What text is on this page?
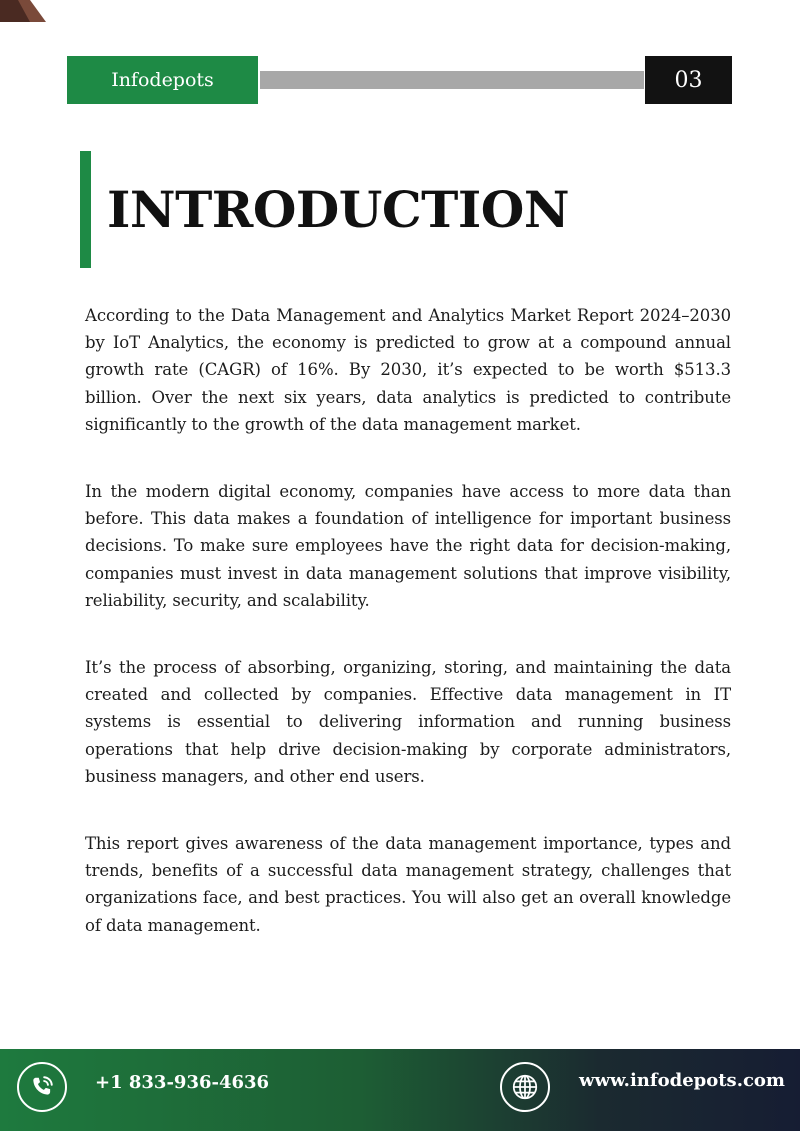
Infodepots	03
INTRODUCTION

According to the Data Management and Analytics Market Report 2024–2030 by IoT Analytics, the economy is predicted to grow at a compound annual growth rate (CAGR) of 16%. By 2030, it’s expected to be worth $513.3 billion. Over the next six years, data analytics is predicted to contribute significantly to the growth of the data management market.

In the modern digital economy, companies have access to more data than before. This data makes a foundation of intelligence for important business decisions. To make sure employees have the right data for decision-making, companies must invest in data management solutions that improve visibility, reliability, security, and scalability.

It’s the process of absorbing, organizing, storing, and maintaining the data created and collected by companies. Effective data management in IT systems is essential to delivering information and running business operations that help drive decision-making by corporate administrators, business managers, and other end users.

This report gives awareness of the data management importance, types and trends, benefits of a successful data management strategy, challenges that organizations face, and best practices. You will also get an overall knowledge of data management.

+1 833-936-4636	www.infodepots.com
